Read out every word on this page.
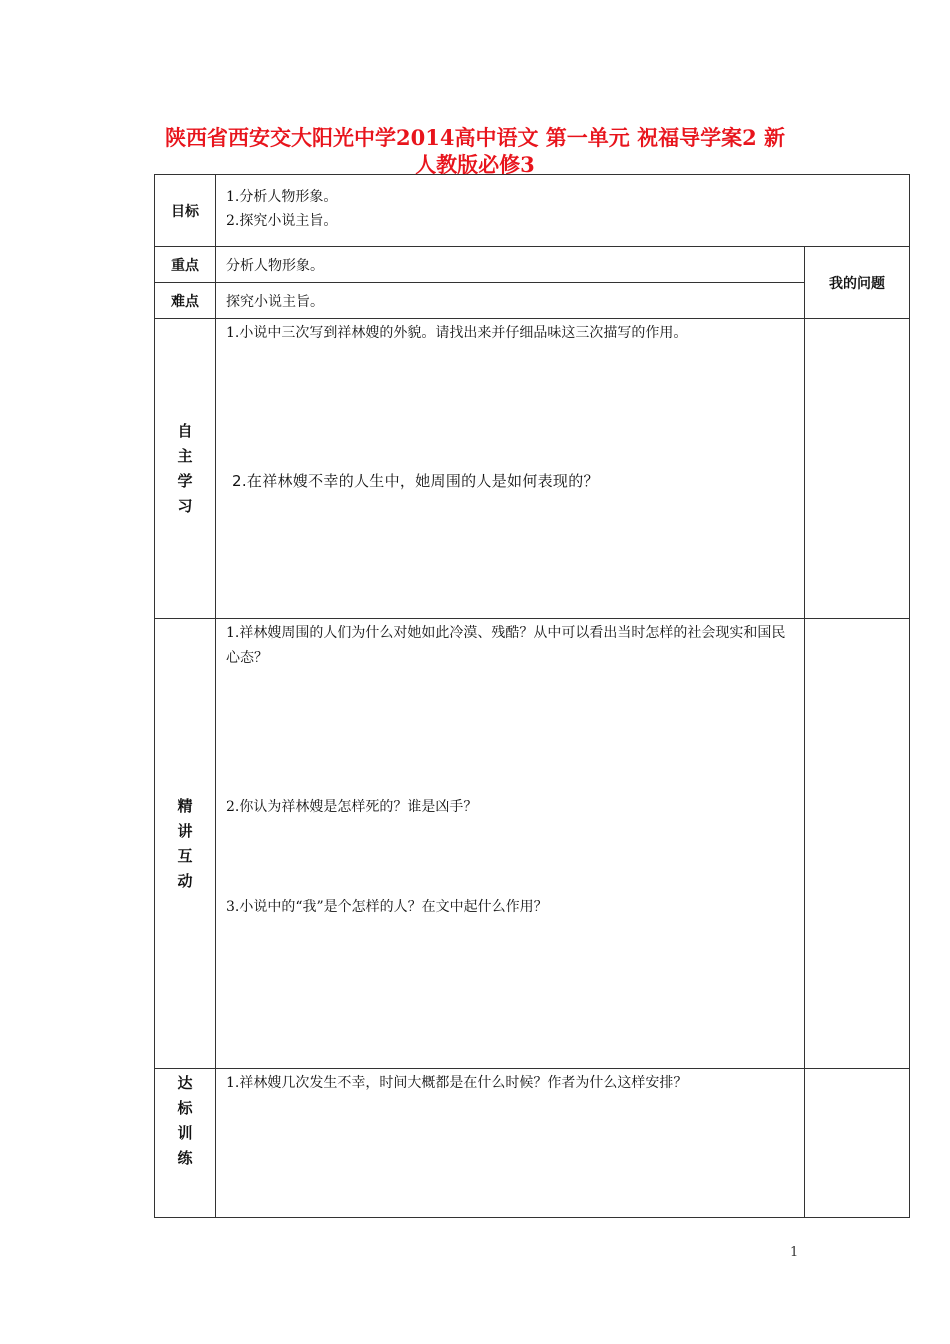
陕西省西安交大阳光中学2014高中语文 第一单元 祝福导学案2 新
人教版必修3
目标	1.分析人物形象。

2.探究小说主旨。	

重点	分析人物形象。	我的问题
难点	探究小说主旨。	

自主学习	1.小说中三次写到祥林嫂的外貌。请找出来并仔细品味这三次描写的作用。

2.在祥林嫂不幸的人生中，她周围的人是如何表现的？	

精讲互动	1.祥林嫂周围的人们为什么对她如此冷漠、残酷？从中可以看出当时怎样的社会现实和国民心态？

2.你认为祥林嫂是怎样死的？谁是凶手？

3.小说中的“我”是个怎样的人？在文中起什么作用？	

达标训练	1.祥林嫂几次发生不幸，时间大概都是在什么时候？作者为什么这样安排？	

1
